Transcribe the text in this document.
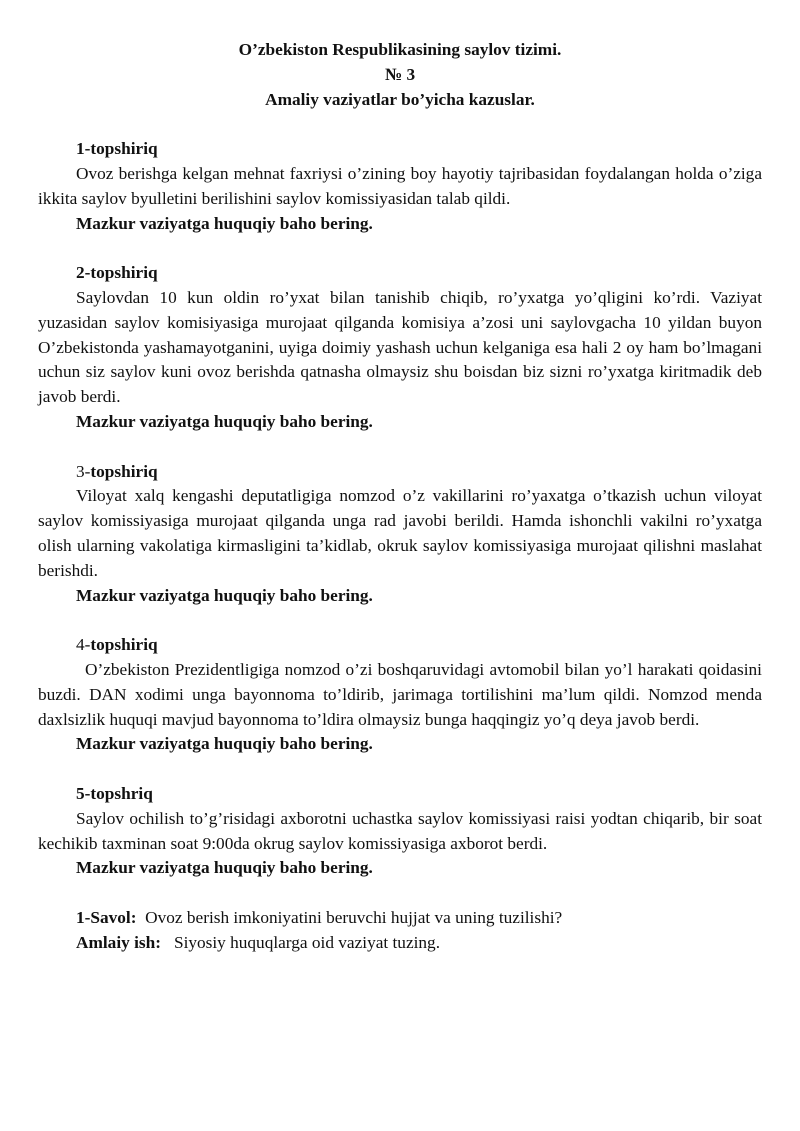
O’zbekiston Respublikasining saylov tizimi.

№ 3

Amaliy vaziyatlar bo’yicha kazuslar.

1-topshiriq

Ovoz berishga kelgan mehnat faxriysi o’zining boy hayotiy tajribasidan foydalangan holda o’ziga ikkita saylov byulletini berilishini saylov komissiyasidan talab qildi.

Mazkur vaziyatga huquqiy baho bering.

2-topshiriq

Saylovdan 10 kun oldin ro’yxat bilan tanishib chiqib, ro’yxatga yo’qligini ko’rdi. Vaziyat yuzasidan saylov komisiyasiga murojaat qilganda komisiya a’zosi uni saylovgacha 10 yildan buyon O’zbekistonda yashamayotganini, uyiga doimiy yashash uchun kelganiga esa hali 2 oy ham bo’lmagani uchun siz saylov kuni ovoz berishda qatnasha olmaysiz shu boisdan biz sizni ro’yxatga kiritmadik deb javob berdi.

Mazkur vaziyatga huquqiy baho bering.

3-topshiriq

Viloyat xalq kengashi deputatligiga nomzod o’z vakillarini ro’yaxatga o’tkazish uchun viloyat saylov komissiyasiga murojaat qilganda unga rad javobi berildi. Hamda ishonchli vakilni ro’yxatga olish ularning vakolatiga kirmasligini ta’kidlab, okruk saylov komissiyasiga murojaat qilishni maslahat berishdi.

Mazkur vaziyatga huquqiy baho bering.

4-topshiriq

O’zbekiston Prezidentligiga nomzod o’zi boshqaruvidagi avtomobil bilan yo’l harakati qoidasini buzdi. DAN xodimi unga bayonnoma to’ldirib, jarimaga tortilishini ma’lum qildi. Nomzod menda daxlsizlik huquqi mavjud bayonnoma to’ldira olmaysiz bunga haqqingiz yo’q deya javob berdi.

Mazkur vaziyatga huquqiy baho bering.

5-topshriq

Saylov ochilish to’g’risidagi axborotni uchastka saylov komissiyasi raisi yodtan chiqarib, bir soat kechikib taxminan soat 9:00da okrug saylov komissiyasiga axborot berdi.

Mazkur vaziyatga huquqiy baho bering.

1-Savol: Ovoz berish imkoniyatini beruvchi hujjat va uning tuzilishi?

Amlaiy ish: Siyosiy huquqlarga oid vaziyat tuzing.
